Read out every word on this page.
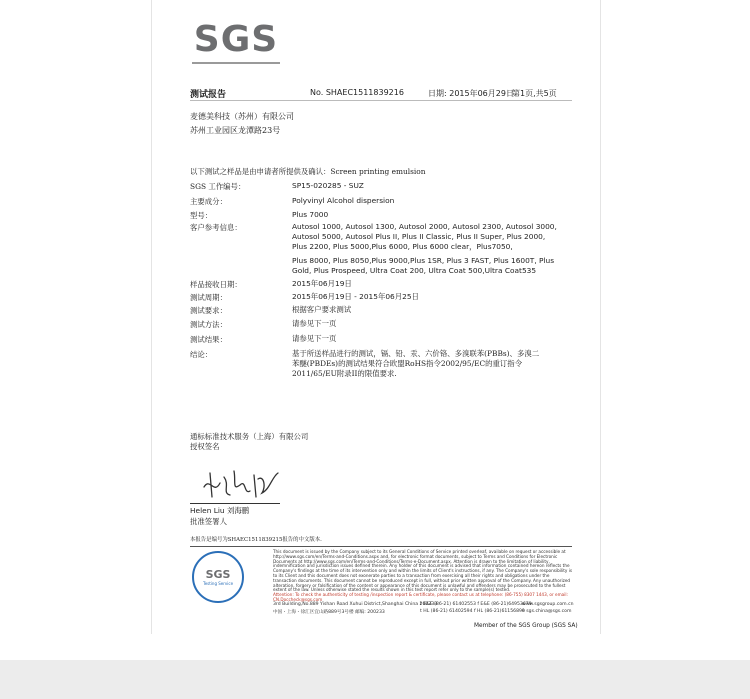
SGS
测试报告	No. SHAEC1511839216	日期: 2015年06月29日
第1页,共5页
麦德美科技（苏州）有限公司
苏州工业园区龙潭路23号
以下测试之样品是由申请者所提供及确认：Screen printing emulsion
SGS 工作编号：	SP15-020285 - SUZ
主要成分：	Polyvinyl Alcohol dispersion
型号：	Plus 7000
客户参考信息：	Autosol 1000, Autosol 1300, Autosol 2000, Autosol 2300, Autosol 3000, Autosol 5000, Autosol Plus II, Plus II Classic, Plus II Super, Plus 2000, Plus 2200, Plus 5000,Plus 6000, Plus 6000 clear，Plus7050,
Plus 8000, Plus 8050,Plus 9000,Plus 1SR, Plus 3 FAST, Plus 1600T, Plus Gold, Plus Prospeed, Ultra Coat 200, Ultra Coat 500,Ultra Coat535
样品接收日期：	2015年06月19日
测试周期：	2015年06月19日 - 2015年06月25日
测试要求：	根据客户要求测试
测试方法：	请参见下一页
测试结果：	请参见下一页
结论：	基于所送样品进行的测试，镉、铅、汞、六价铬、多溴联苯(PBBs)、多溴二苯醚(PBDEs)的测试结果符合欧盟RoHS指令2002/95/EC的重订指令2011/65/EU附录II的限值要求.
通标标准技术服务（上海）有限公司
授权签名
Helen Liu 刘海鹏
批准签署人
本报告是编号为SHAEC1511839215报告的中文版本.
SGS
Testing Service
This document is issued by the Company subject to its General Conditions of Service printed overleaf, available on request or accessible at http://www.sgs.com/en/Terms-and-Conditions.aspx and, for electronic format documents, subject to Terms and Conditions for Electronic Documents at http://www.sgs.com/en/Terms-and-Conditions/Terms-e-Document.aspx. Attention is drawn to the limitation of liability, indemnification and jurisdiction issues defined therein. Any holder of this document is advised that information contained hereon reflects the Company's findings at the time of its intervention only and within the limits of Client's instructions, if any. The Company's sole responsibility is to its Client and this document does not exonerate parties to a transaction from exercising all their rights and obligations under the transaction documents. This document cannot be reproduced except in full, without prior written approval of the Company. Any unauthorized alteration, forgery or falsification of the content or appearance of this document is unlawful and offenders may be prosecuted to the fullest extent of the law. Unless otherwise stated the results shown in this test report refer only to the sample(s) tested.
Attention: To check the authenticity of testing /inspection report & certificate, please contact us at telephone: (86-755) 8307 1443, or email: CN.Doccheck@sgs.com
3rd Building,No.889 Yishan Road Xuhui District,Shanghai China 200233
中国・上海・徐汇区宜山路889号3号楼 邮编: 200233
t E&E (86-21) 61402553 f E&E (86-21)64953679
t HL (86-21) 61402594 f HL (86-21)61156899
www.sgsgroup.com.cn
e sgs.china@sgs.com
Member of the SGS Group (SGS SA)
